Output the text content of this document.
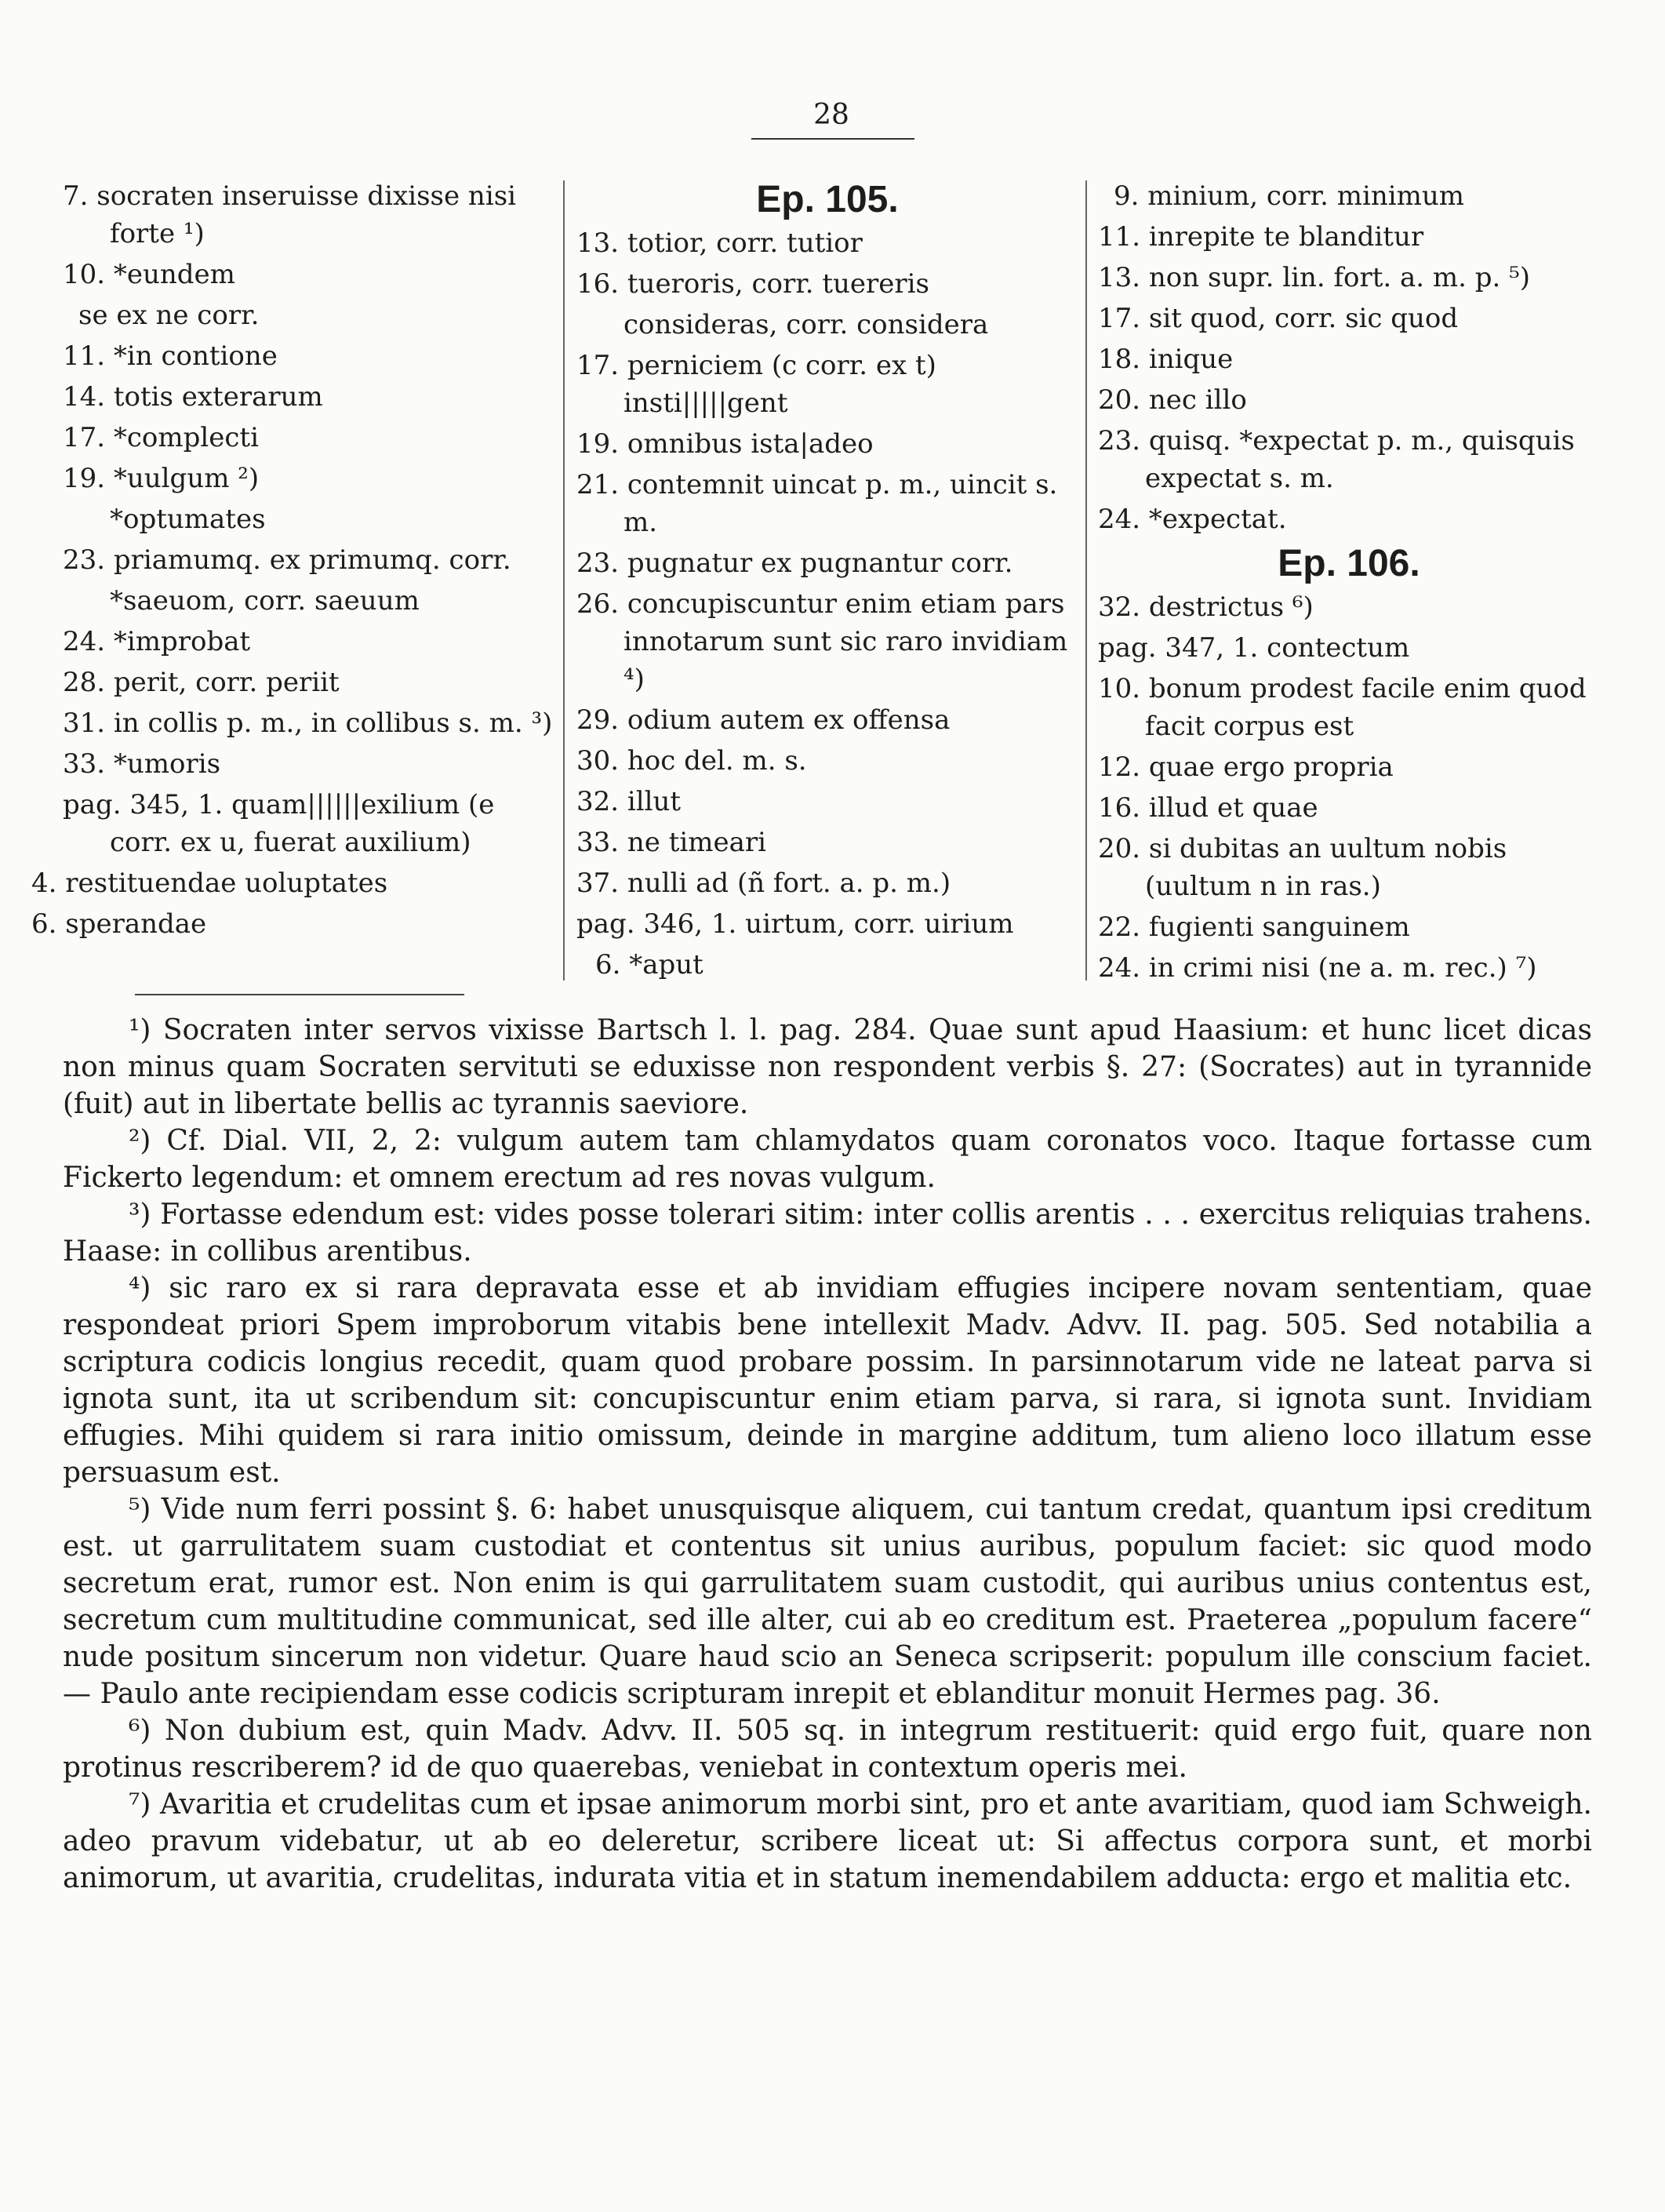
28

7. socraten inseruisse dixisse nisi forte ¹)

10. *eundem

se ex ne corr.

11. *in contione

14. totis exterarum

17. *complecti

19. *uulgum ²)

*optumates

23. priamumq. ex primumq. corr.

*saeuom, corr. saeuum

24. *improbat

28. perit, corr. periit

31. in collis p. m., in collibus s. m. ³)

33. *umoris

pag. 345, 1. quam||||||exilium (e corr. ex u, fuerat auxilium)

4. restituendae uoluptates

6. sperandae

Ep. 105.

13. totior, corr. tutior

16. tueroris, corr. tuereris

consideras, corr. considera

17. perniciem (c corr. ex t) insti|||||gent

19. omnibus ista|adeo

21. contemnit uincat p. m., uincit s. m.

23. pugnatur ex pugnantur corr.

26. concupiscuntur enim etiam pars innotarum sunt sic raro invidiam ⁴)

29. odium autem ex offensa

30. hoc del. m. s.

32. illut

33. ne timeari

37. nulli ad (ñ fort. a. p. m.)

pag. 346, 1. uirtum, corr. uirium

6. *aput

9. minium, corr. minimum

11. inrepite te blanditur

13. non supr. lin. fort. a. m. p. ⁵)

17. sit quod, corr. sic quod

18. inique

20. nec illo

23. quisq. *expectat p. m., quisquis expectat s. m.

24. *expectat.

Ep. 106.

32. destrictus ⁶)

pag. 347, 1. contectum

10. bonum prodest facile enim quod facit corpus est

12. quae ergo propria

16. illud et quae

20. si dubitas an uultum nobis (uultum n in ras.)

22. fugienti sanguinem

24. in crimi nisi (ne a. m. rec.) ⁷)

¹) Socraten inter servos vixisse Bartsch l. l. pag. 284. Quae sunt apud Haasium: et hunc licet dicas non minus quam Socraten servituti se eduxisse non respondent verbis §. 27: (Socrates) aut in tyrannide (fuit) aut in libertate bellis ac tyrannis saeviore.

²) Cf. Dial. VII, 2, 2: vulgum autem tam chlamydatos quam coronatos voco. Itaque fortasse cum Fickerto legendum: et omnem erectum ad res novas vulgum.

³) Fortasse edendum est: vides posse tolerari sitim: inter collis arentis . . . exercitus reliquias trahens. Haase: in collibus arentibus.

⁴) sic raro ex si rara depravata esse et ab invidiam effugies incipere novam sententiam, quae respondeat priori Spem improborum vitabis bene intellexit Madv. Advv. II. pag. 505. Sed notabilia a scriptura codicis longius recedit, quam quod probare possim. In parsinnotarum vide ne lateat parva si ignota sunt, ita ut scribendum sit: concupiscuntur enim etiam parva, si rara, si ignota sunt. Invidiam effugies. Mihi quidem si rara initio omissum, deinde in margine additum, tum alieno loco illatum esse persuasum est.

⁵) Vide num ferri possint §. 6: habet unusquisque aliquem, cui tantum credat, quantum ipsi creditum est. ut garrulitatem suam custodiat et contentus sit unius auribus, populum faciet: sic quod modo secretum erat, rumor est. Non enim is qui garrulitatem suam custodit, qui auribus unius contentus est, secretum cum multitudine communicat, sed ille alter, cui ab eo creditum est. Praeterea „populum facere“ nude positum sincerum non videtur. Quare haud scio an Seneca scripserit: populum ille conscium faciet. — Paulo ante recipiendam esse codicis scripturam inrepit et eblanditur monuit Hermes pag. 36.

⁶) Non dubium est, quin Madv. Advv. II. 505 sq. in integrum restituerit: quid ergo fuit, quare non protinus rescriberem? id de quo quaerebas, veniebat in contextum operis mei.

⁷) Avaritia et crudelitas cum et ipsae animorum morbi sint, pro et ante avaritiam, quod iam Schweigh. adeo pravum videbatur, ut ab eo deleretur, scribere liceat ut: Si affectus corpora sunt, et morbi animorum, ut avaritia, crudelitas, indurata vitia et in statum inemendabilem adducta: ergo et malitia etc.
